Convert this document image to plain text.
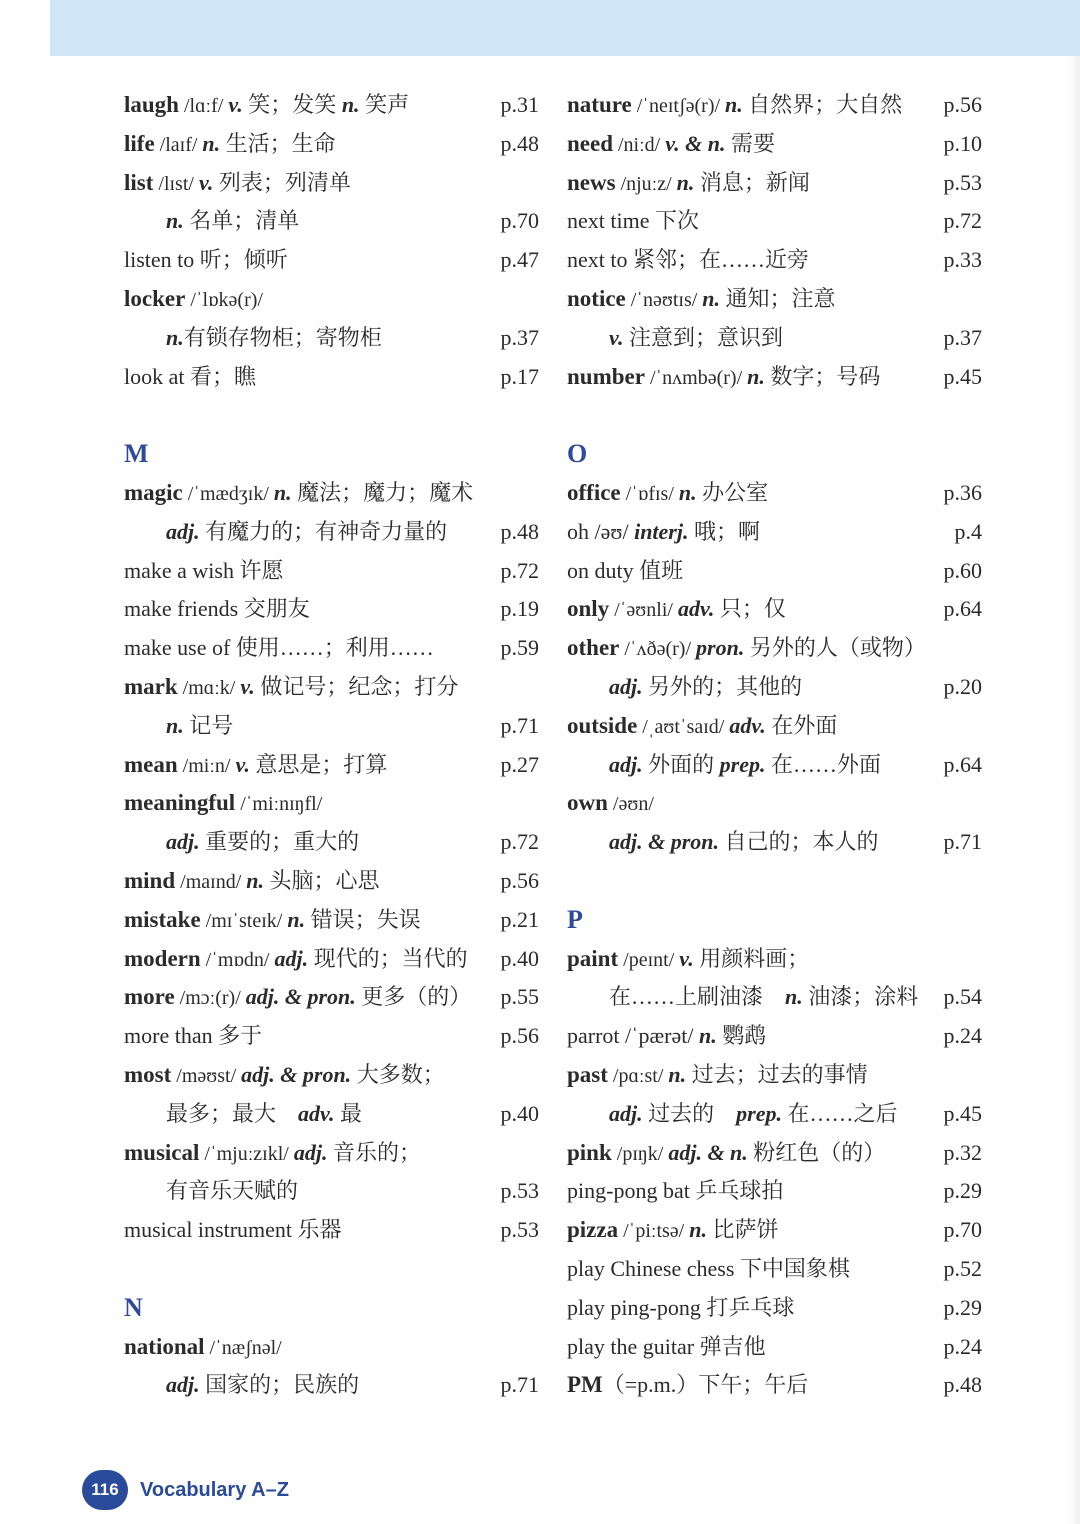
laugh /lɑːf/ v. 笑；发笑 n. 笑声	p.31
life /laɪf/ n. 生活；生命	p.48
list /lɪst/ v. 列表；列清单
n. 名单；清单	p.70
listen to 听；倾听	p.47
locker /ˈlɒkə(r)/
n.有锁存物柜；寄物柜	p.37
look at 看；瞧	p.17
M
magic /ˈmædʒɪk/ n. 魔法；魔力；魔术
adj. 有魔力的；有神奇力量的 p.48
make a wish 许愿	p.72
make friends 交朋友	p.19
make use of 使用……；利用……	p.59
mark /mɑːk/ v. 做记号；纪念；打分
n. 记号	p.71
mean /miːn/ v. 意思是；打算	p.27
meaningful /ˈmiːnɪŋfl/
adj. 重要的；重大的	p.72
mind /maɪnd/ n. 头脑；心思	p.56
mistake /mɪˈsteɪk/ n. 错误；失误	p.21
modern /ˈmɒdn/ adj. 现代的；当代的 p.40
more /mɔː(r)/ adj. & pron. 更多（的） p.55
more than 多于	p.56
most /məʊst/ adj. & pron. 大多数；
最多；最大　adv. 最	p.40
musical /ˈmjuːzɪkl/ adj. 音乐的；
有音乐天赋的	p.53
musical instrument 乐器	p.53
N
national /ˈnæʃnəl/
adj. 国家的；民族的	p.71
nature /ˈneɪtʃə(r)/ n. 自然界；大自然 p.56
need /niːd/ v. & n. 需要	p.10
news /njuːz/ n. 消息；新闻	p.53
next time 下次	p.72
next to 紧邻；在……近旁	p.33
notice /ˈnəʊtɪs/ n. 通知；注意
v. 注意到；意识到	p.37
number /ˈnʌmbə(r)/ n. 数字；号码	p.45
O
office /ˈɒfɪs/ n. 办公室	p.36
oh /əʊ/ interj. 哦；啊	p.4
on duty 值班	p.60
only /ˈəʊnli/ adv. 只；仅	p.64
other /ˈʌðə(r)/ pron. 另外的人（或物）
adj. 另外的；其他的	p.20
outside /ˌaʊtˈsaɪd/ adv. 在外面
adj. 外面的 prep. 在……外面	p.64
own /əʊn/
adj. & pron. 自己的；本人的	p.71
P
paint /peɪnt/ v. 用颜料画；
在……上刷油漆　n. 油漆；涂料 p.54
parrot /ˈpærət/ n. 鹦鹉	p.24
past /pɑːst/ n. 过去；过去的事情
adj. 过去的　prep. 在……之后 p.45
pink /pɪŋk/ adj. & n. 粉红色（的）	p.32
ping-pong bat 乒乓球拍	p.29
pizza /ˈpiːtsə/ n. 比萨饼	p.70
play Chinese chess 下中国象棋	p.52
play ping-pong 打乒乓球	p.29
play the guitar 弹吉他	p.24
PM（=p.m.）下午；午后	p.48
116	Vocabulary A–Z
